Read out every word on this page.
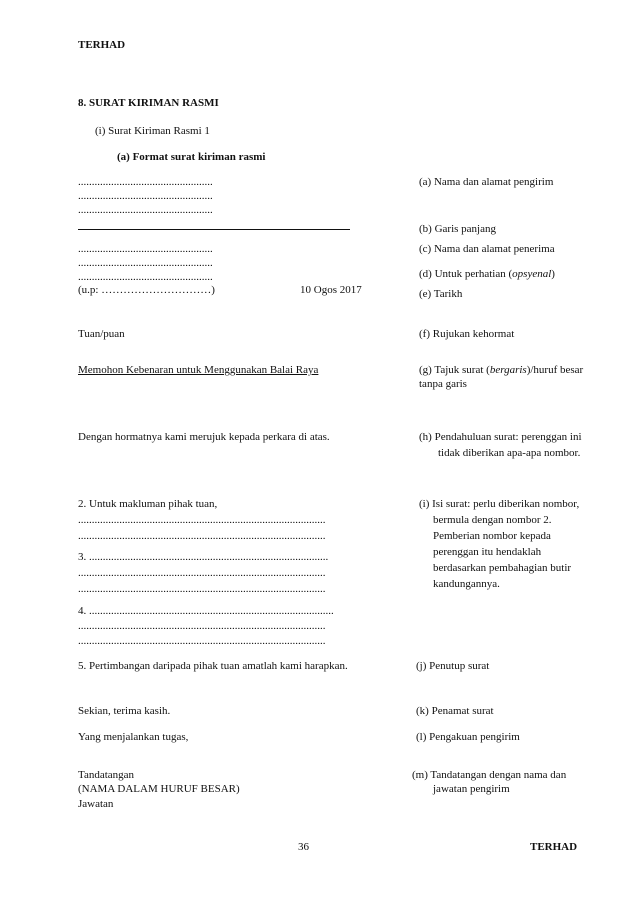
TERHAD
8. SURAT KIRIMAN RASMI
(i) Surat Kiriman Rasmi 1
(a) Format surat kiriman rasmi
.................................................
.................................................
.................................................
.................................................
.................................................
.................................................
(u.p: …………………………)	10 Ogos 2017
Tuan/puan
Memohon Kebenaran untuk Menggunakan Balai Raya
Dengan hormatnya kami merujuk kepada perkara di atas.
2. Untuk makluman pihak tuan,
..........................................................................................
..........................................................................................
3. .......................................................................................
..........................................................................................
..........................................................................................
4. .........................................................................................
..........................................................................................
..........................................................................................
5. Pertimbangan daripada pihak tuan amatlah kami harapkan.
Sekian, terima kasih.
Yang menjalankan tugas,
Tandatangan
(NAMA DALAM HURUF BESAR)
Jawatan
(a) Nama dan alamat pengirim
(b) Garis panjang
(c) Nama dan alamat penerima
(d) Untuk perhatian (opsyenal)
(e) Tarikh
(f) Rujukan kehormat
(g) Tajuk surat (bergaris)/huruf besar
tanpa garis
(h) Pendahuluan surat: perenggan ini
tidak diberikan apa-apa nombor.
(i) Isi surat: perlu diberikan nombor,
bermula dengan nombor 2.
Pemberian nombor kepada
perenggan itu hendaklah
berdasarkan pembahagian butir
kandungannya.
(j) Penutup surat
(k) Penamat surat
(l) Pengakuan pengirim
(m) Tandatangan dengan nama dan
jawatan pengirim
36	TERHAD
